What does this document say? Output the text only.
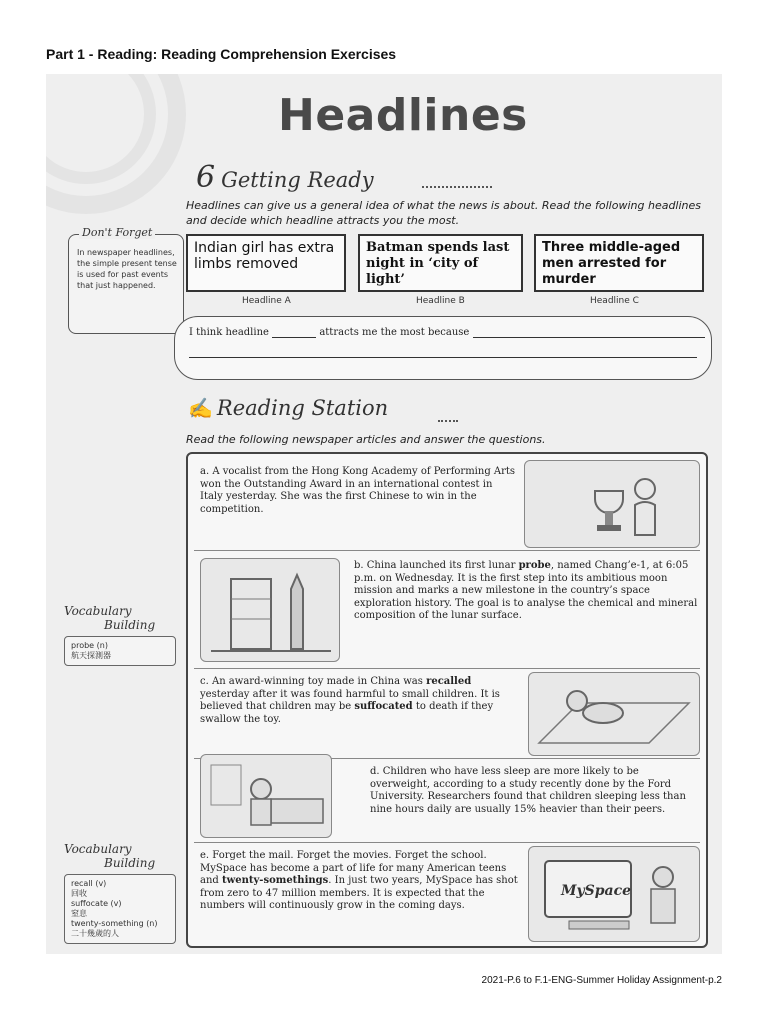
Part 1 - Reading: Reading Comprehension Exercises
Headlines
6 Getting Ready
Headlines can give us a general idea of what the news is about. Read the following headlines and decide which headline attracts you the most.
Don't Forget
In newspaper headlines, the simple present tense is used for past events that just happened.
Indian girl has extra limbs removed
Batman spends last night in ‘city of light’
Three middle-aged men arrested for murder
Headline A	Headline B	Headline C
I think headline	attracts me the most because
✍ Reading Station
Read the following newspaper articles and answer the questions.
a. A vocalist from the Hong Kong Academy of Performing Arts won the Outstanding Award in an international contest in Italy yesterday. She was the first Chinese to win in the competition.
b. China launched its first lunar probe, named Chang’e-1, at 6:05 p.m. on Wednesday. It is the first step into its ambitious moon mission and marks a new milestone in the country’s space exploration history. The goal is to analyse the chemical and mineral composition of the lunar surface.
c. An award-winning toy made in China was recalled yesterday after it was found harmful to small children. It is believed that children may be suffocated to death if they swallow the toy.
d. Children who have less sleep are more likely to be overweight, according to a study recently done by the Ford University. Researchers found that children sleeping less than nine hours daily are usually 15% heavier than their peers.
e. Forget the mail. Forget the movies. Forget the school. MySpace has become a part of life for many American teens and twenty-somethings. In just two years, MySpace has shot from zero to 47 million members. It is expected that the numbers will continuously grow in the coming days.
MySpace
Vocabulary
Building
probe (n)
航天探測器
Vocabulary
Building
recall (v)
回收
suffocate (v)
窒息
twenty-something (n)
二十幾歲的人
2021-P.6 to F.1-ENG-Summer Holiday Assignment-p.2
